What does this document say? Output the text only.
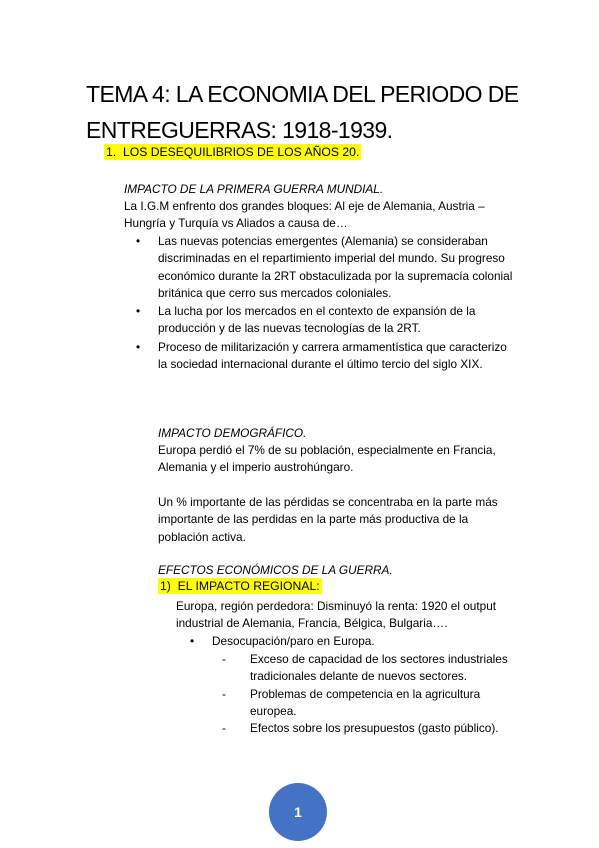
TEMA 4: LA ECONOMIA DEL PERIODO DE ENTREGUERRAS: 1918-1939.
1. LOS DESEQUILIBRIOS DE LOS AÑOS 20.
IMPACTO DE LA PRIMERA GUERRA MUNDIAL.
La I.G.M enfrento dos grandes bloques: Al eje de Alemania, Austria – Hungría y Turquía vs Aliados a causa de…
• Las nuevas potencias emergentes (Alemania) se consideraban discriminadas en el repartimiento imperial del mundo. Su progreso económico durante la 2RT obstaculizada por la supremacía colonial británica que cerro sus mercados coloniales.
• La lucha por los mercados en el contexto de expansión de la producción y de las nuevas tecnologías de la 2RT.
• Proceso de militarización y carrera armamentística que caracterizo la sociedad internacional durante el último tercio del siglo XIX.
IMPACTO DEMOGRÁFICO.
Europa perdió el 7% de su población, especialmente en Francia, Alemania y el imperio austrohúngaro.
Un % importante de las pérdidas se concentraba en la parte más importante de las perdidas en la parte más productiva de la población activa.
EFECTOS ECONÓMICOS DE LA GUERRA.
1) EL IMPACTO REGIONAL:
Europa, región perdedora: Disminuyó la renta: 1920 el output industrial de Alemania, Francia, Bélgica, Bulgaria….
• Desocupación/paro en Europa.
- Exceso de capacidad de los sectores industriales tradicionales delante de nuevos sectores.
- Problemas de competencia en la agricultura europea.
- Efectos sobre los presupuestos (gasto público).
1
